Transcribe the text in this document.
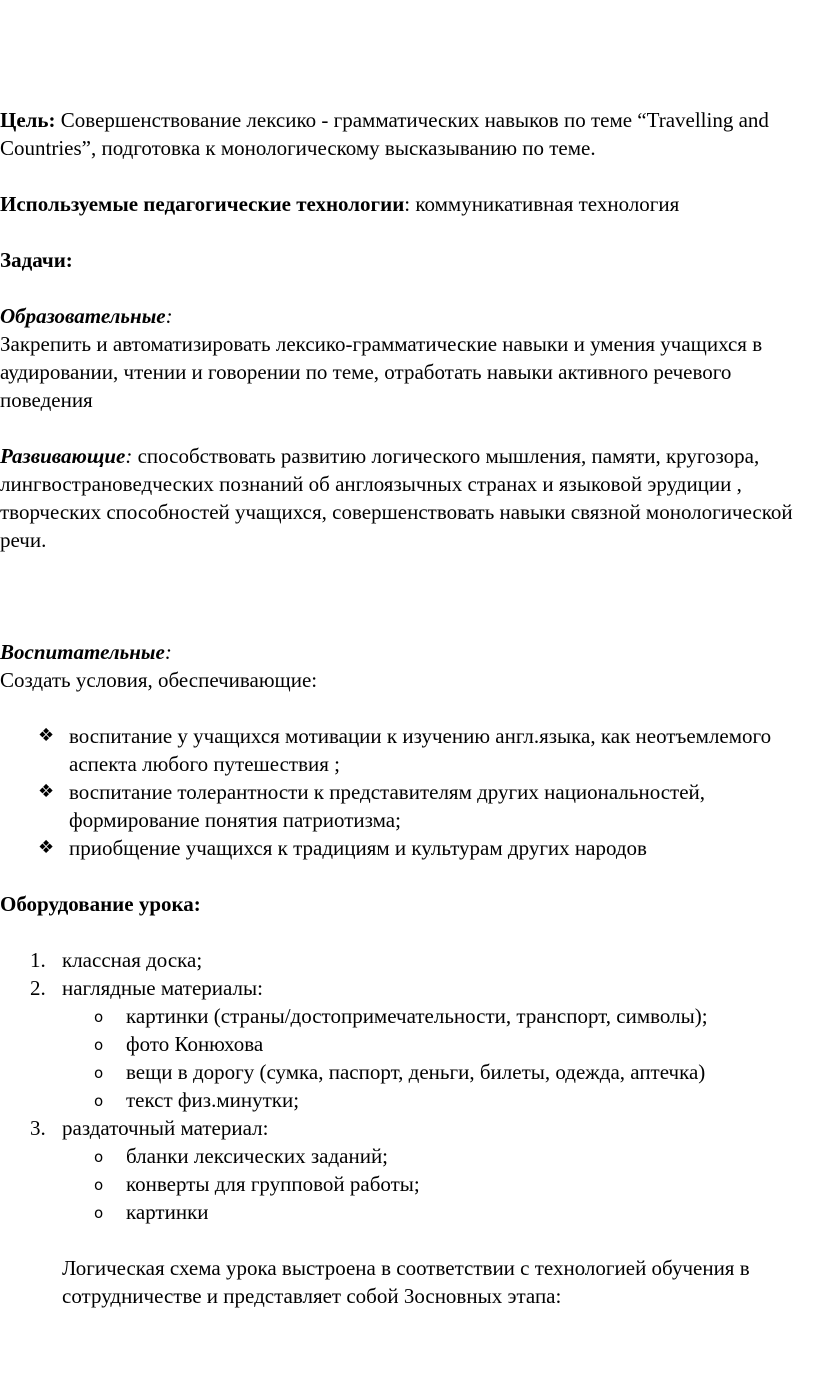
Цель: Совершенствование лексико - грамматических навыков по теме “Travelling and Countries”, подготовка к монологическому высказыванию по теме.

Используемые педагогические технологии: коммуникативная технология

Задачи:

Образовательные:

Закрепить и автоматизировать лексико-грамматические навыки и умения учащихся в аудировании, чтении и говорении по теме, отработать навыки активного речевого поведения

Развивающие: способствовать развитию логического мышления, памяти, кругозора, лингвострановедческих познаний об англоязычных странах и языковой эрудиции , творческих способностей учащихся, совершенствовать навыки связной монологической речи.

Воспитательные:

Создать условия, обеспечивающие:

❖ воспитание у учащихся мотивации к изучению англ.языка, как неотъемлемого аспекта любого путешествия ;
❖ воспитание толерантности к представителям других национальностей, формирование понятия патриотизма;
❖ приобщение учащихся к традициям и культурам других народов

Оборудование урока:

1. классная доска;
2. наглядные материалы:
o картинки (страны/достопримечательности, транспорт, символы);
o фото Конюхова
o вещи в дорогу (сумка, паспорт, деньги, билеты, одежда, аптечка)
o текст физ.минутки;
3. раздаточный материал:
o бланки лексических заданий;
o конверты для групповой работы;
o картинки

Логическая схема урока выстроена в соответствии с технологией обучения в сотрудничестве и представляет собой 3основных этапа:
